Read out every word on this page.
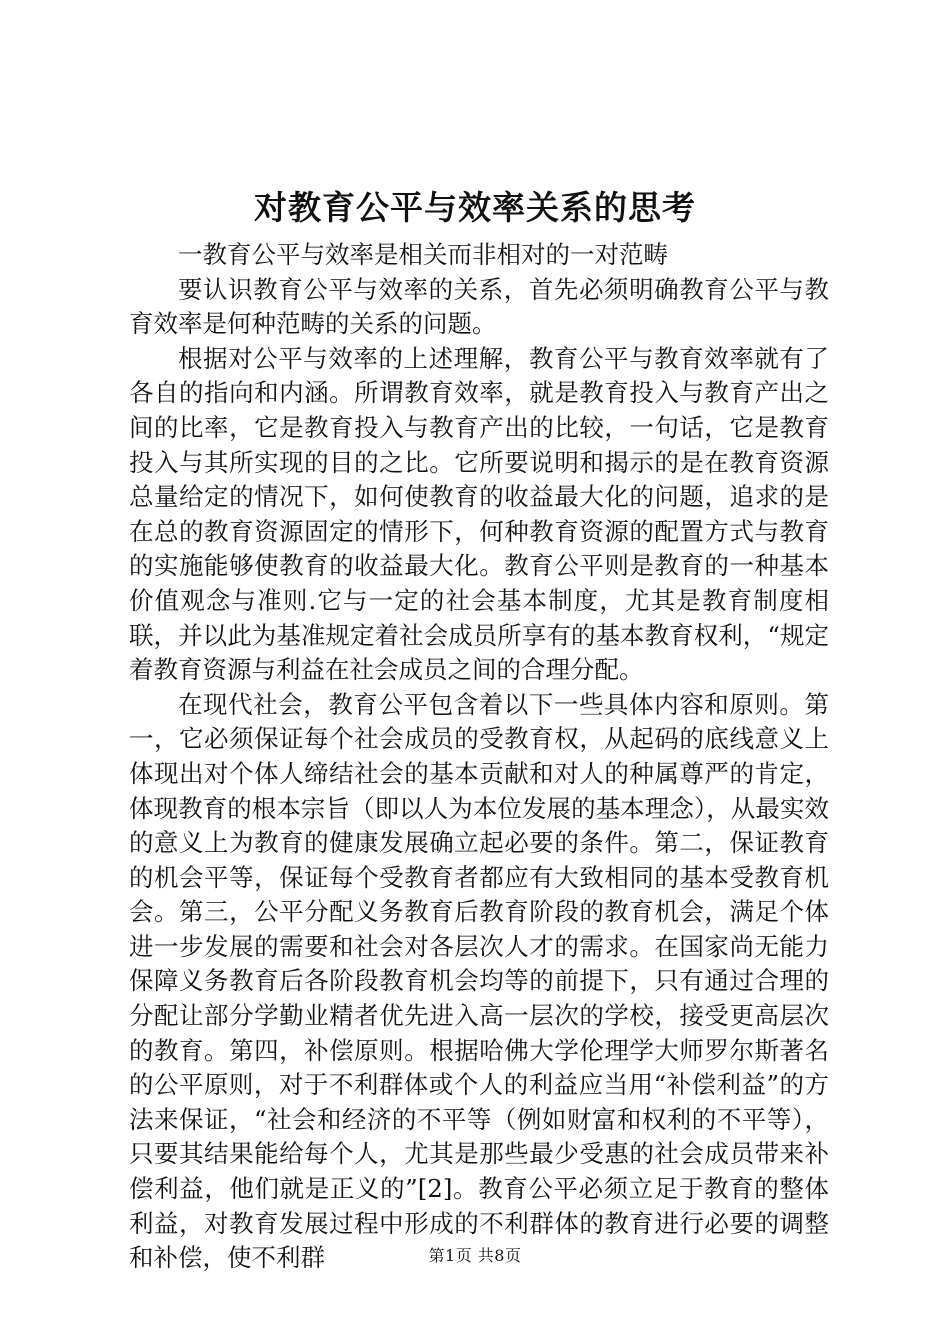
对教育公平与效率关系的思考

一教育公平与效率是相关而非相对的一对范畴

要认识教育公平与效率的关系，首先必须明确教育公平与教育效率是何种范畴的关系的问题。

根据对公平与效率的上述理解，教育公平与教育效率就有了各自的指向和内涵。所谓教育效率，就是教育投入与教育产出之间的比率，它是教育投入与教育产出的比较，一句话，它是教育投入与其所实现的目的之比。它所要说明和揭示的是在教育资源总量给定的情况下，如何使教育的收益最大化的问题，追求的是在总的教育资源固定的情形下，何种教育资源的配置方式与教育的实施能够使教育的收益最大化。教育公平则是教育的一种基本价值观念与准则.它与一定的社会基本制度，尤其是教育制度相联，并以此为基准规定着社会成员所享有的基本教育权利，“规定着教育资源与利益在社会成员之间的合理分配。

在现代社会，教育公平包含着以下一些具体内容和原则。第一，它必须保证每个社会成员的受教育权，从起码的底线意义上体现出对个体人缔结社会的基本贡献和对人的种属尊严的肯定，体现教育的根本宗旨（即以人为本位发展的基本理念），从最实效的意义上为教育的健康发展确立起必要的条件。第二，保证教育的机会平等，保证每个受教育者都应有大致相同的基本受教育机会。第三，公平分配义务教育后教育阶段的教育机会，满足个体进一步发展的需要和社会对各层次人才的需求。在国家尚无能力保障义务教育后各阶段教育机会均等的前提下，只有通过合理的分配让部分学勤业精者优先进入高一层次的学校，接受更高层次的教育。第四，补偿原则。根据哈佛大学伦理学大师罗尔斯著名的公平原则，对于不利群体或个人的利益应当用“补偿利益”的方法来保证，“社会和经济的不平等（例如财富和权利的不平等），只要其结果能给每个人，尤其是那些最少受惠的社会成员带来补偿利益，他们就是正义的”[2]。教育公平必须立足于教育的整体利益，对教育发展过程中形成的不利群体的教育进行必要的调整和补偿，使不利群	第1页 共8页
